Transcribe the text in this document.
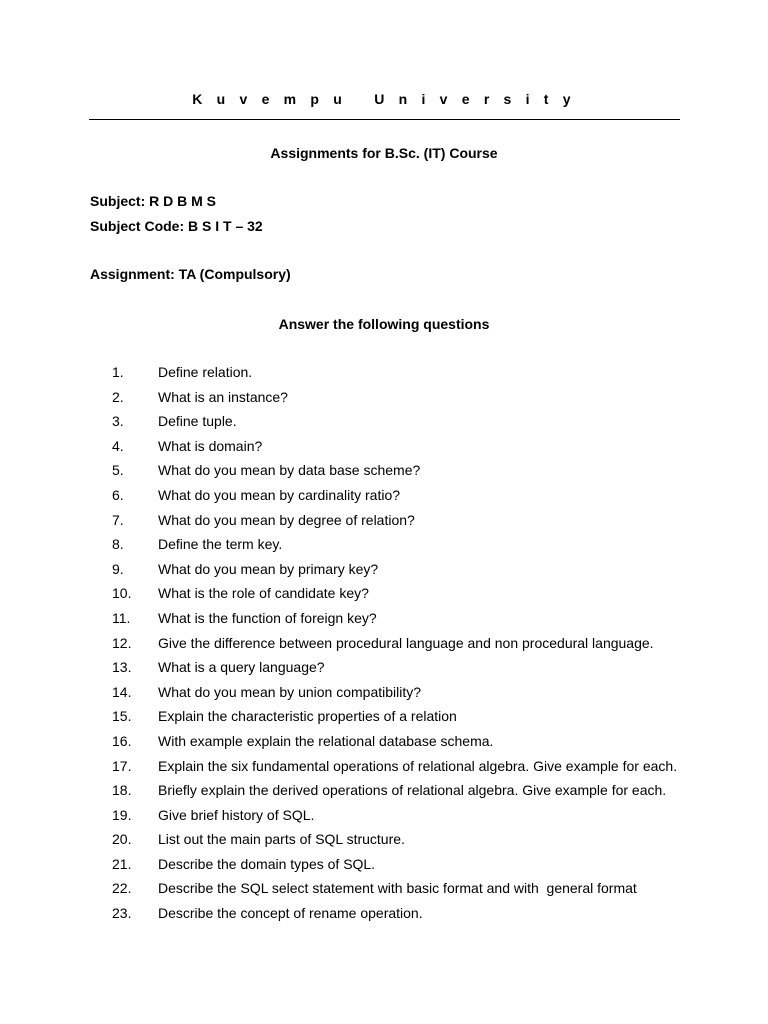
K u v e m p u   U n i v e r s i t y
Assignments for B.Sc. (IT) Course
Subject: R D B M S
Subject Code: B S I T – 32
Assignment: TA (Compulsory)
Answer the following questions
1. Define relation.
2. What is an instance?
3. Define tuple.
4. What is domain?
5. What do you mean by data base scheme?
6. What do you mean by cardinality ratio?
7. What do you mean by degree of relation?
8. Define the term key.
9. What do you mean by primary key?
10. What is the role of candidate key?
11. What is the function of foreign key?
12. Give the difference between procedural language and non procedural language.
13. What is a query language?
14. What do you mean by union compatibility?
15. Explain the characteristic properties of a relation
16. With example explain the relational database schema.
17. Explain the six fundamental operations of relational algebra. Give example for each.
18. Briefly explain the derived operations of relational algebra. Give example for each.
19. Give brief history of SQL.
20. List out the main parts of SQL structure.
21. Describe the domain types of SQL.
22. Describe the SQL select statement with basic format and with  general format
23. Describe the concept of rename operation.
